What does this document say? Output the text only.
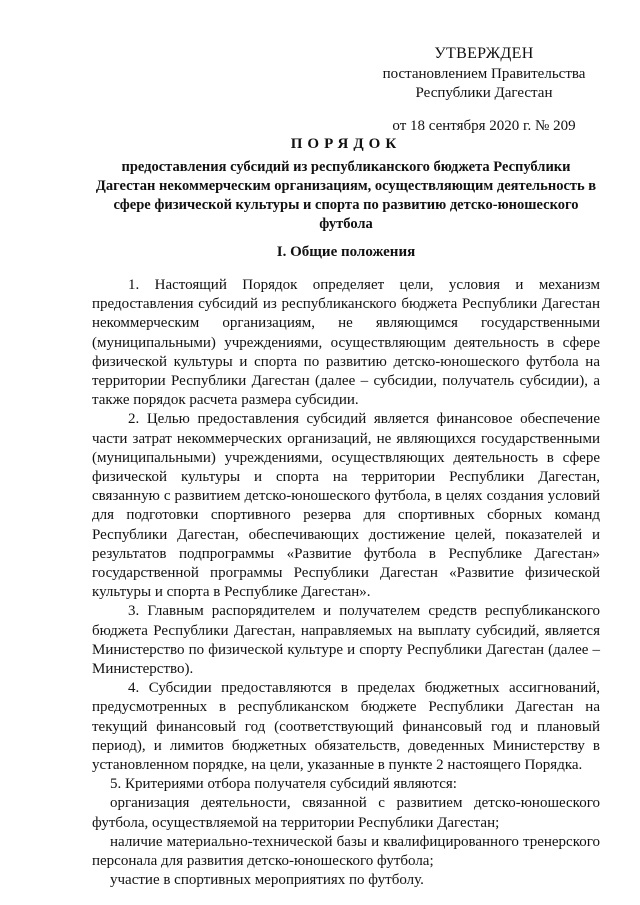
УТВЕРЖДЕН
постановлением Правительства
Республики Дагестан
от 18 сентября 2020 г. № 209
ПОРЯДОК
предоставления субсидий из республиканского бюджета Республики Дагестан некоммерческим организациям, осуществляющим деятельность в сфере физической культуры и спорта по развитию детско-юношеского футбола
I. Общие положения

1. Настоящий Порядок определяет цели, условия и механизм предоставления субсидий из республиканского бюджета Республики Дагестан некоммерческим организациям, не являющимся государственными (муниципальными) учреждениями, осуществляющим деятельность в сфере физической культуры и спорта по развитию детско-юношеского футбола на территории Республики Дагестан (далее – субсидии, получатель субсидии), а также порядок расчета размера субсидии.

2. Целью предоставления субсидий является финансовое обеспечение части затрат некоммерческих организаций, не являющихся государственными (муниципальными) учреждениями, осуществляющих деятельность в сфере физической культуры и спорта на территории Республики Дагестан, связанную с развитием детско-юношеского футбола, в целях создания условий для подготовки спортивного резерва для спортивных сборных команд Республики Дагестан, обеспечивающих достижение целей, показателей и результатов подпрограммы «Развитие футбола в Республике Дагестан» государственной программы Республики Дагестан «Развитие физической культуры и спорта в Республике Дагестан».

3. Главным распорядителем и получателем средств республиканского бюджета Республики Дагестан, направляемых на выплату субсидий, является Министерство по физической культуре и спорту Республики Дагестан (далее – Министерство).

4. Субсидии предоставляются в пределах бюджетных ассигнований, предусмотренных в республиканском бюджете Республики Дагестан на текущий финансовый год (соответствующий финансовый год и плановый период), и лимитов бюджетных обязательств, доведенных Министерству в установленном порядке, на цели, указанные в пункте 2 настоящего Порядка.

5. Критериями отбора получателя субсидий являются:

организация деятельности, связанной с развитием детско-юношеского футбола, осуществляемой на территории Республики Дагестан;

наличие материально-технической базы и квалифицированного тренерского персонала для развития детско-юношеского футбола;

участие в спортивных мероприятиях по футболу.
